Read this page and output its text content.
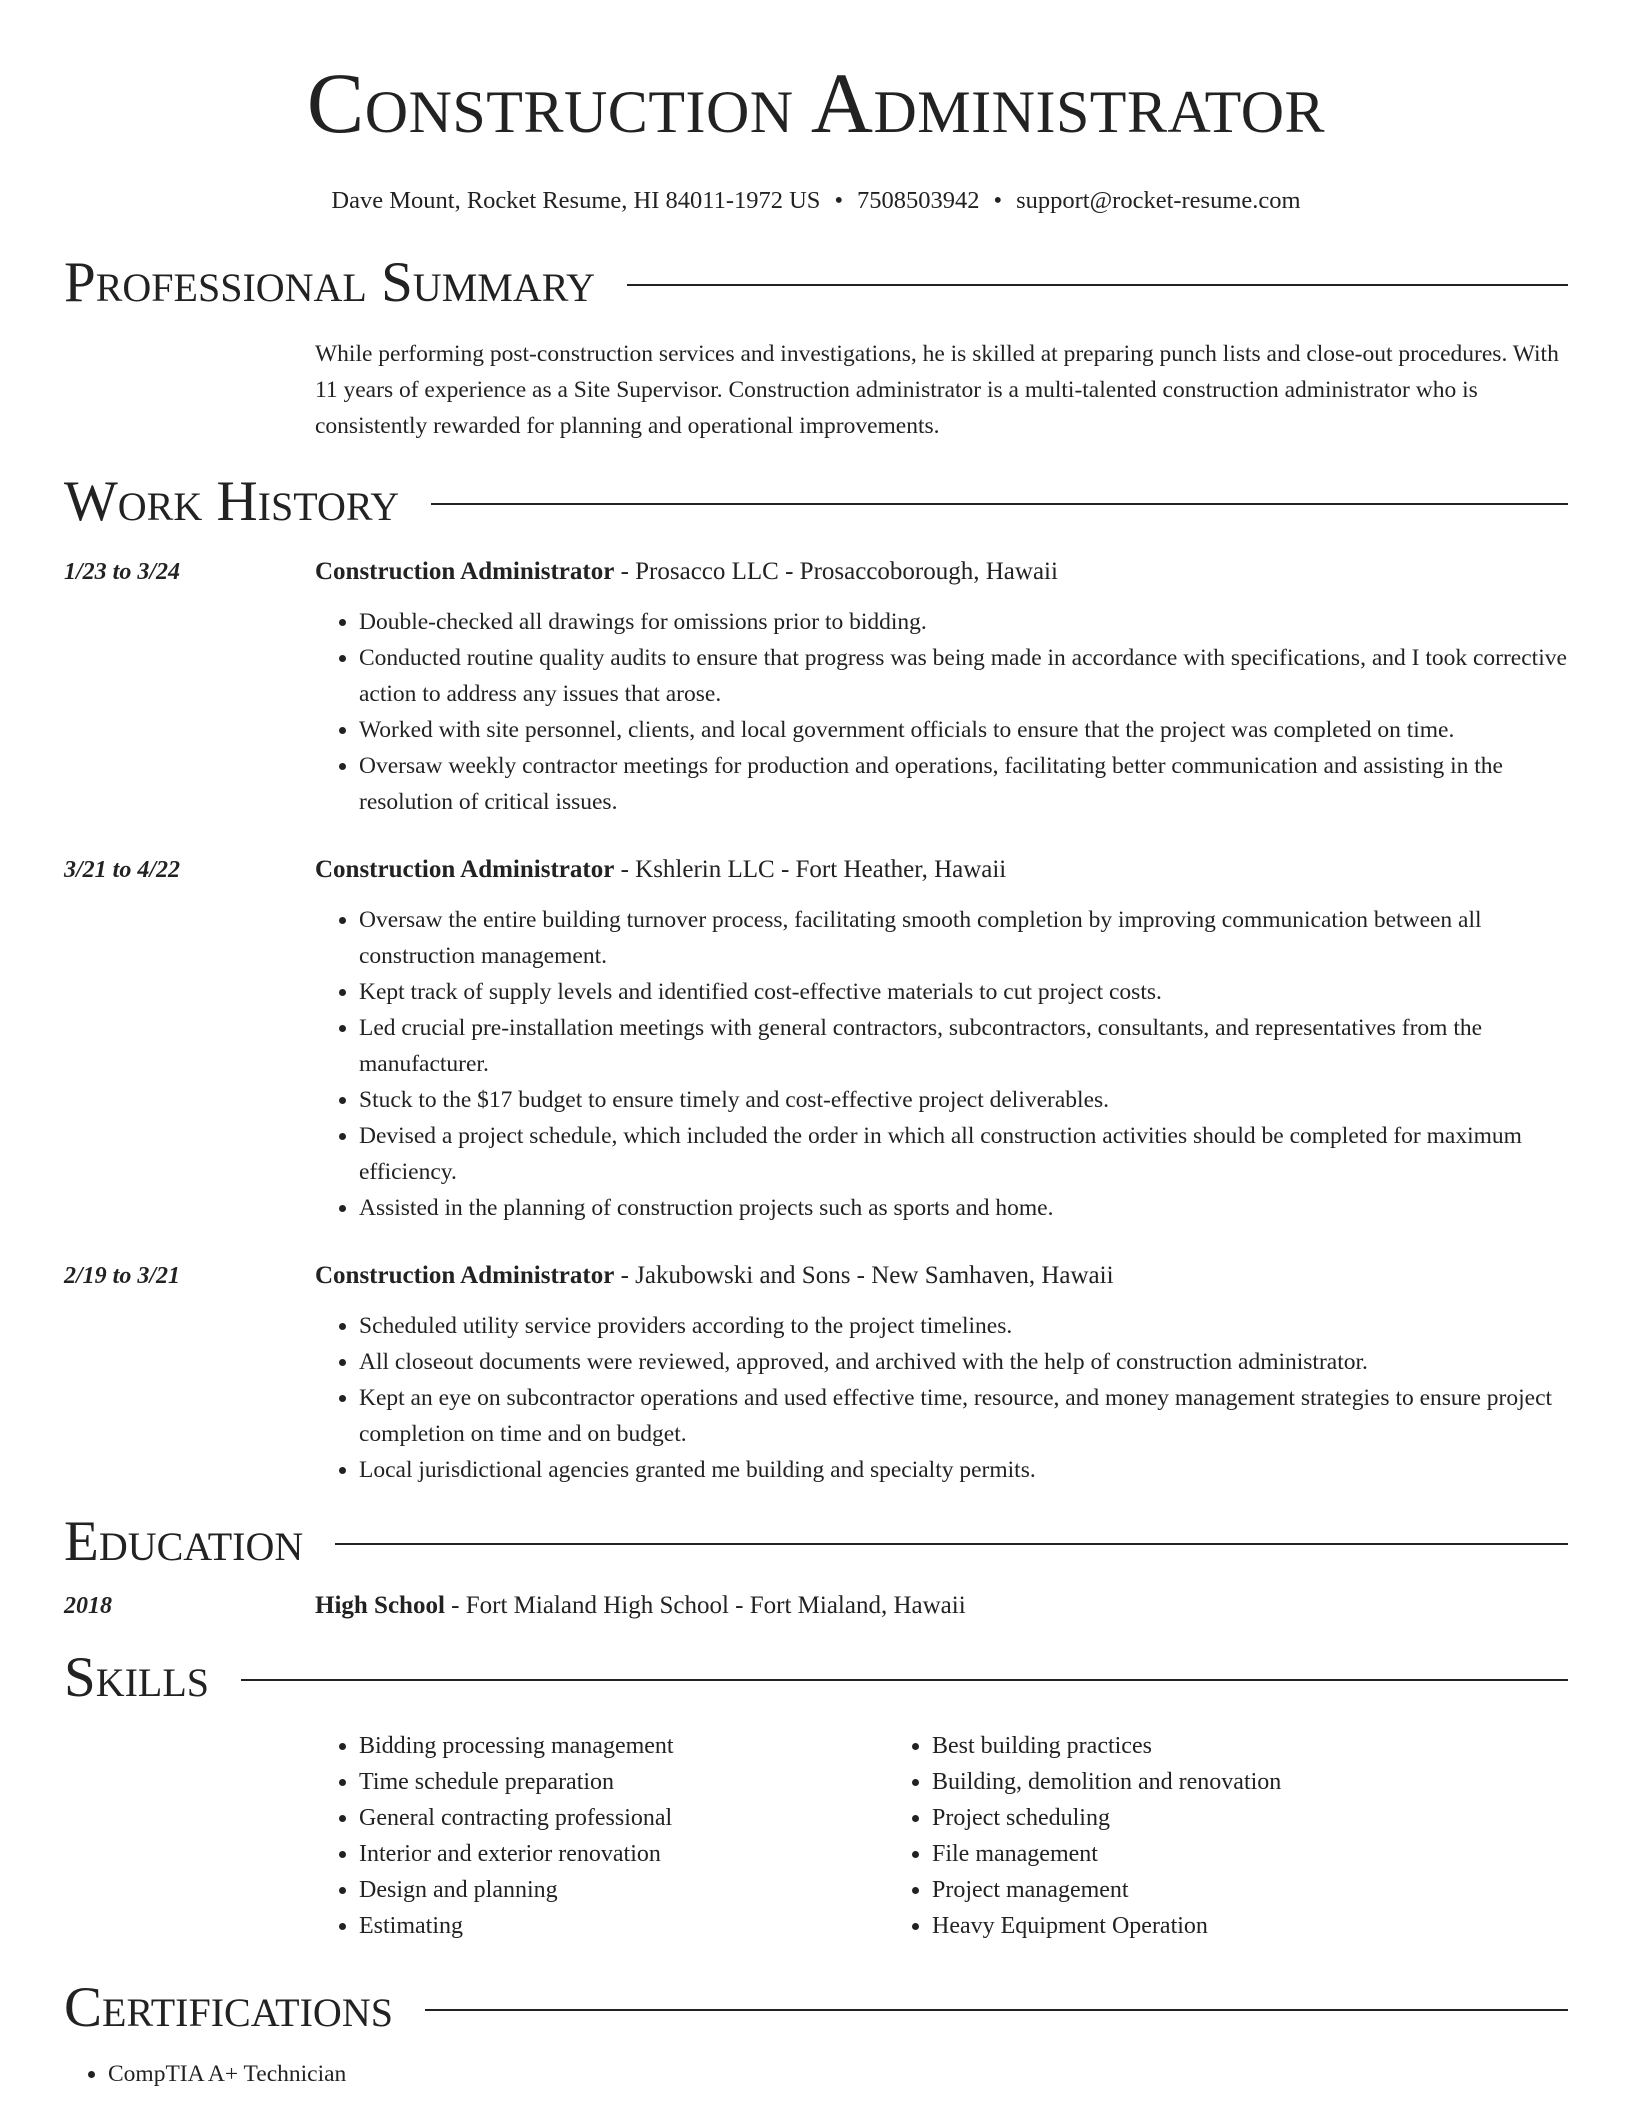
Construction Administrator
Dave Mount, Rocket Resume, HI 84011-1972 US • 7508503942 • support@rocket-resume.com
Professional Summary
While performing post-construction services and investigations, he is skilled at preparing punch lists and close-out procedures. With 11 years of experience as a Site Supervisor. Construction administrator is a multi-talented construction administrator who is consistently rewarded for planning and operational improvements.
Work History
1/23 to 3/24	Construction Administrator - Prosacco LLC - Prosaccoborough, Hawaii
• Double-checked all drawings for omissions prior to bidding.
• Conducted routine quality audits to ensure that progress was being made in accordance with specifications, and I took corrective action to address any issues that arose.
• Worked with site personnel, clients, and local government officials to ensure that the project was completed on time.
• Oversaw weekly contractor meetings for production and operations, facilitating better communication and assisting in the resolution of critical issues.
3/21 to 4/22	Construction Administrator - Kshlerin LLC - Fort Heather, Hawaii
• Oversaw the entire building turnover process, facilitating smooth completion by improving communication between all construction management.
• Kept track of supply levels and identified cost-effective materials to cut project costs.
• Led crucial pre-installation meetings with general contractors, subcontractors, consultants, and representatives from the manufacturer.
• Stuck to the $17 budget to ensure timely and cost-effective project deliverables.
• Devised a project schedule, which included the order in which all construction activities should be completed for maximum efficiency.
• Assisted in the planning of construction projects such as sports and home.
2/19 to 3/21	Construction Administrator - Jakubowski and Sons - New Samhaven, Hawaii
• Scheduled utility service providers according to the project timelines.
• All closeout documents were reviewed, approved, and archived with the help of construction administrator.
• Kept an eye on subcontractor operations and used effective time, resource, and money management strategies to ensure project completion on time and on budget.
• Local jurisdictional agencies granted me building and specialty permits.
Education
2018	High School - Fort Mialand High School - Fort Mialand, Hawaii
Skills
• Bidding processing management
• Time schedule preparation
• General contracting professional
• Interior and exterior renovation
• Design and planning
• Estimating
• Best building practices
• Building, demolition and renovation
• Project scheduling
• File management
• Project management
• Heavy Equipment Operation
Certifications
• CompTIA A+ Technician
